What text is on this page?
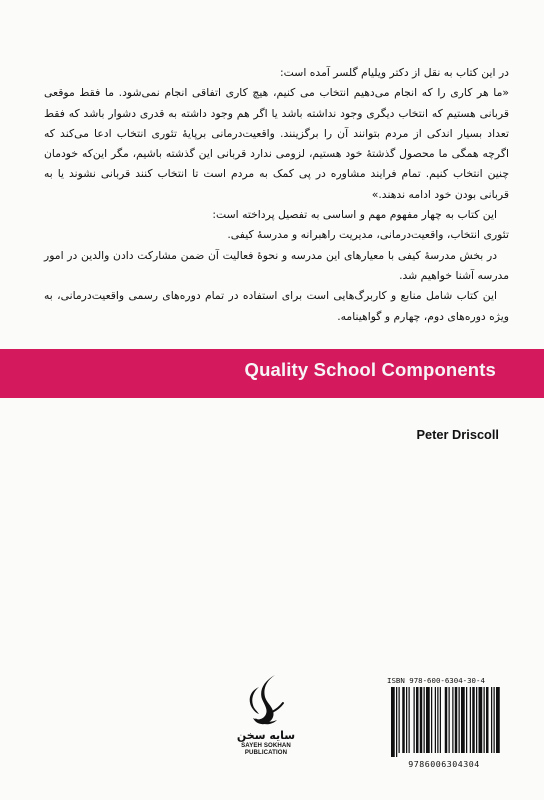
در این کتاب به نقل از دکتر ویلیام گلسر آمده است:

«ما هر کاری را که انجام می‌دهیم انتخاب می کنیم، هیچ کاری اتفاقی انجام نمی‌شود. ما فقط موقعی قربانی هستیم که انتخاب دیگری وجود نداشته باشد یا اگر هم وجود داشته به قدری دشوار باشد که فقط تعداد بسیار اندکی از مردم بتوانند آن را برگزینند. واقعیت‌درمانی برپایهٔ تئوری انتخاب ادعا می‌کند که اگرچه همگی ما محصول گذشتهٔ خود هستیم، لزومی ندارد قربانی این گذشته باشیم، مگر این‌که خودمان چنین انتخاب کنیم. تمام فرایند مشاوره در پی کمک به مردم است تا انتخاب کنند قربانی نشوند یا به قربانی بودن خود ادامه ندهند.»

این کتاب به چهار مفهوم مهم و اساسی به تفصیل پرداخته است:

تئوری انتخاب، واقعیت‌درمانی، مدیریت راهبرانه و مدرسهٔ کیفی.

در بخش مدرسهٔ کیفی با معیارهای این مدرسه و نحوهٔ فعالیت آن ضمن مشارکت دادن والدین در امور مدرسه آشنا خواهیم شد.

این کتاب شامل منابع و کاربرگ‌هایی است برای استفاده در تمام دوره‌های رسمی واقعیت‌درمانی، به ویژه دوره‌های دوم، چهارم و گواهینامه.

Quality School Components
Peter Driscoll
سایه سخن
SAYEH SOKHAN
PUBLICATION
ISBN 978-600-6304-30-4
9786006304304
